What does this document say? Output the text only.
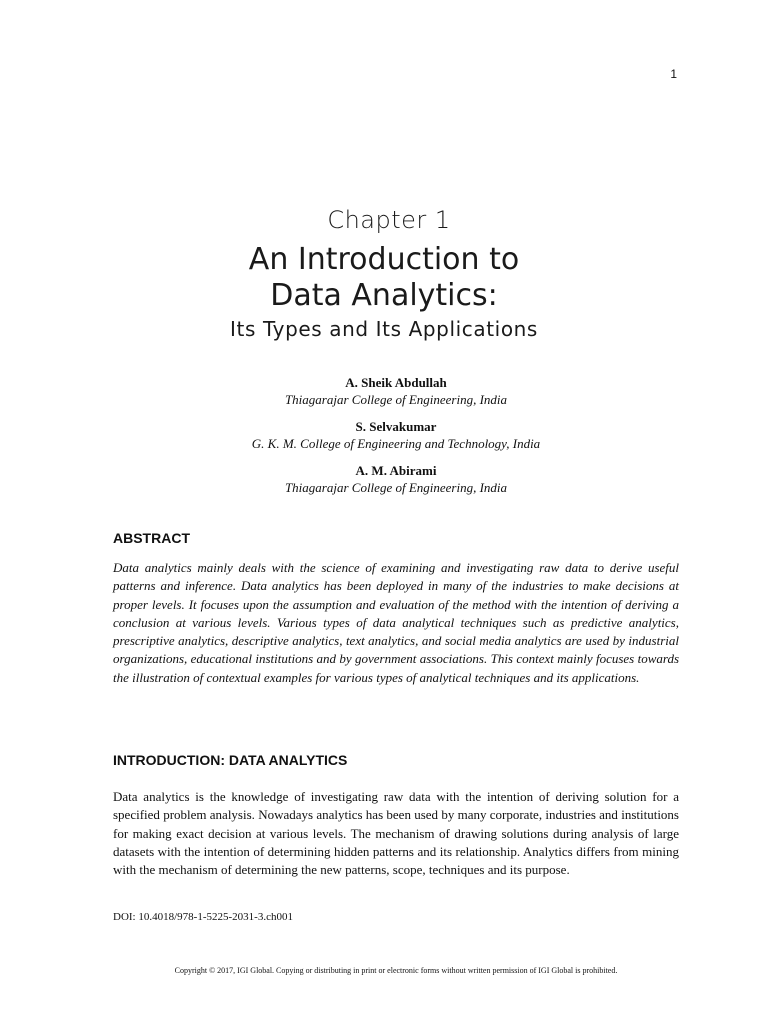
1
Chapter 1
An Introduction to
Data Analytics:
Its Types and Its Applications
A. Sheik Abdullah
Thiagarajar College of Engineering, India
S. Selvakumar
G. K. M. College of Engineering and Technology, India
A. M. Abirami
Thiagarajar College of Engineering, India
ABSTRACT
Data analytics mainly deals with the science of examining and investigating raw data to derive useful patterns and inference. Data analytics has been deployed in many of the industries to make decisions at proper levels. It focuses upon the assumption and evaluation of the method with the intention of deriving a conclusion at various levels. Various types of data analytical techniques such as predictive analytics, prescriptive analytics, descriptive analytics, text analytics, and social media analytics are used by industrial organizations, educational institutions and by government associations. This context mainly focuses towards the illustration of contextual examples for various types of analytical techniques and its applications.
INTRODUCTION: DATA ANALYTICS
Data analytics is the knowledge of investigating raw data with the intention of deriving solution for a specified problem analysis. Nowadays analytics has been used by many corporate, industries and institutions for making exact decision at various levels. The mechanism of drawing solutions during analysis of large datasets with the intention of determining hidden patterns and its relationship. Analytics differs from mining with the mechanism of determining the new patterns, scope, techniques and its purpose.
DOI: 10.4018/978-1-5225-2031-3.ch001
Copyright © 2017, IGI Global. Copying or distributing in print or electronic forms without written permission of IGI Global is prohibited.
